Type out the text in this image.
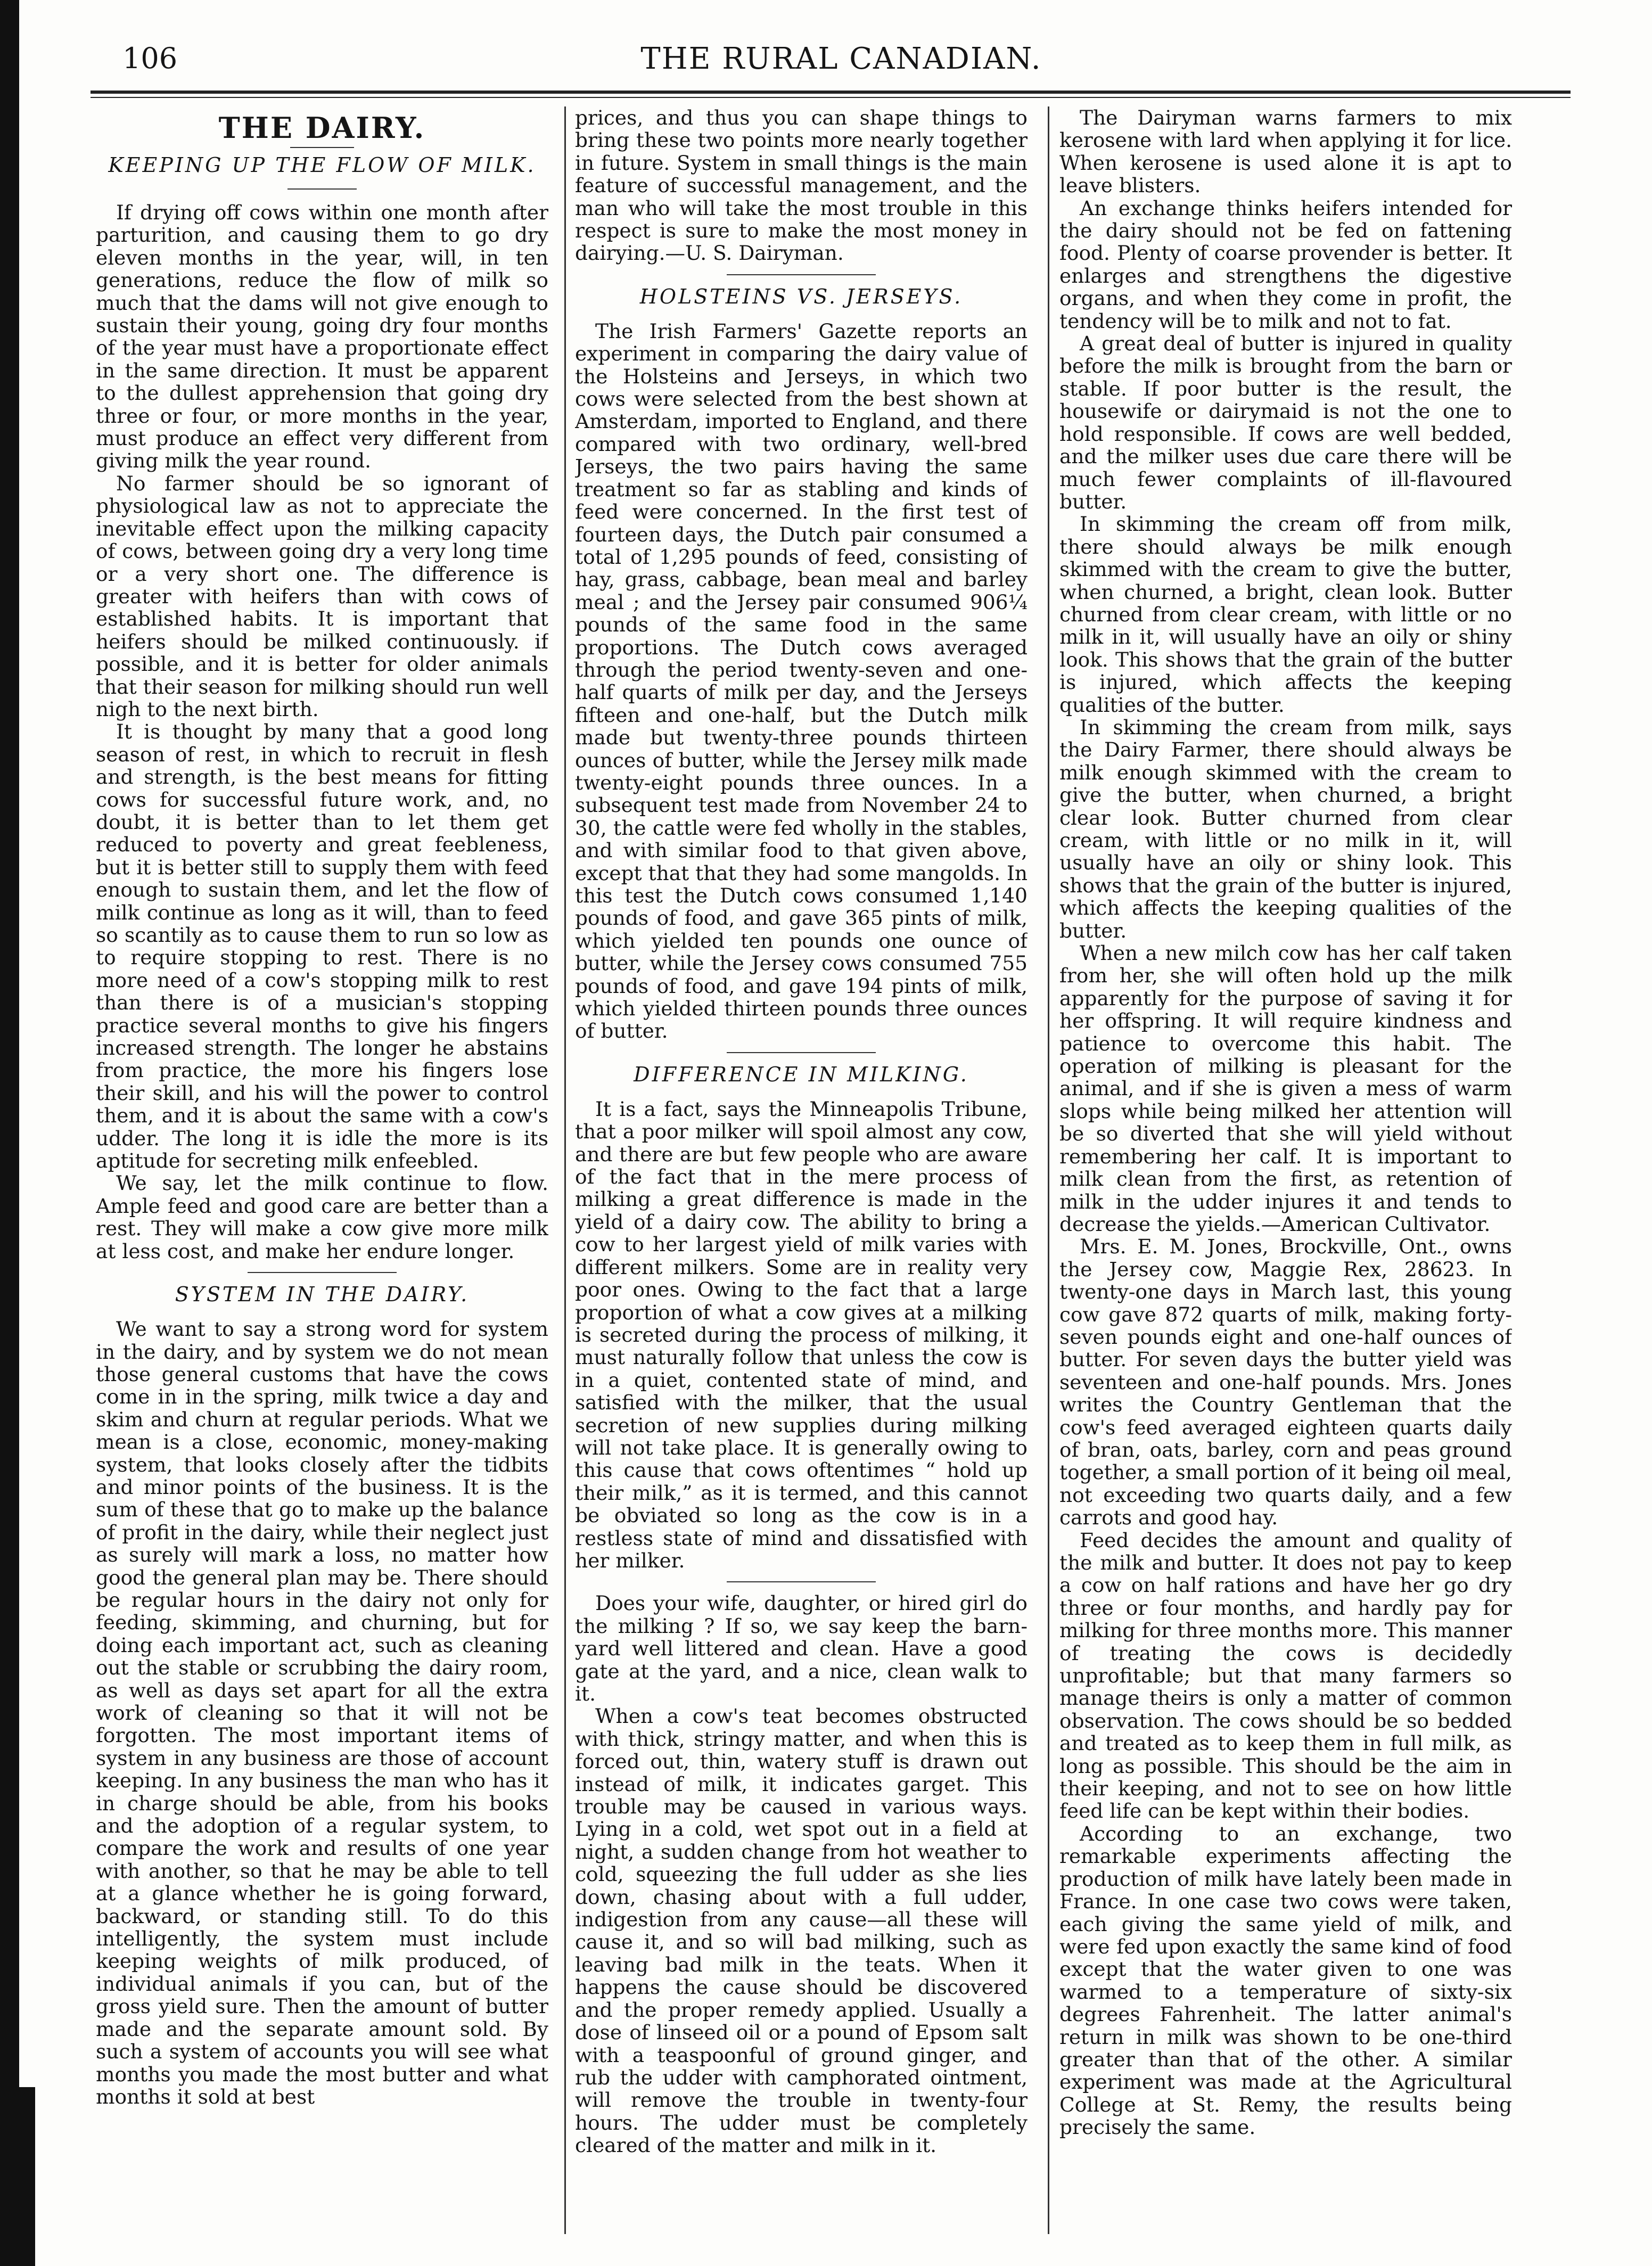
106	THE RURAL CANADIAN.
THE DAIRY.
KEEPING UP THE FLOW OF MILK.

If drying off cows within one month after parturition, and causing them to go dry eleven months in the year, will, in ten generations, reduce the flow of milk so much that the dams will not give enough to sustain their young, going dry four months of the year must have a proportionate effect in the same direction. It must be apparent to the dullest apprehension that going dry three or four, or more months in the year, must produce an effect very different from giving milk the year round.

No farmer should be so ignorant of physiological law as not to appreciate the inevitable effect upon the milking capacity of cows, between going dry a very long time or a very short one. The difference is greater with heifers than with cows of established habits. It is important that heifers should be milked continuously. if possible, and it is better for older animals that their season for milking should run well nigh to the next birth.

It is thought by many that a good long season of rest, in which to recruit in flesh and strength, is the best means for fitting cows for successful future work, and, no doubt, it is better than to let them get reduced to poverty and great feebleness, but it is better still to supply them with feed enough to sustain them, and let the flow of milk continue as long as it will, than to feed so scantily as to cause them to run so low as to require stopping to rest. There is no more need of a cow's stopping milk to rest than there is of a musician's stopping practice several months to give his fingers increased strength. The longer he abstains from practice, the more his fingers lose their skill, and his will the power to control them, and it is about the same with a cow's udder. The long it is idle the more is its aptitude for secreting milk enfeebled.

We say, let the milk continue to flow. Ample feed and good care are better than a rest. They will make a cow give more milk at less cost, and make her endure longer.

SYSTEM IN THE DAIRY.

We want to say a strong word for system in the dairy, and by system we do not mean those general customs that have the cows come in in the spring, milk twice a day and skim and churn at regular periods. What we mean is a close, economic, money-making system, that looks closely after the tidbits and minor points of the business. It is the sum of these that go to make up the balance of profit in the dairy, while their neglect just as surely will mark a loss, no matter how good the general plan may be. There should be regular hours in the dairy not only for feeding, skimming, and churning, but for doing each important act, such as cleaning out the stable or scrubbing the dairy room, as well as days set apart for all the extra work of cleaning so that it will not be forgotten. The most important items of system in any business are those of account keeping. In any business the man who has it in charge should be able, from his books and the adoption of a regular system, to compare the work and results of one year with another, so that he may be able to tell at a glance whether he is going forward, backward, or standing still. To do this intelligently, the system must include keeping weights of milk produced, of individual animals if you can, but of the gross yield sure. Then the amount of butter made and the separate amount sold. By such a system of accounts you will see what months you made the most butter and what months it sold at best

prices, and thus you can shape things to bring these two points more nearly together in future. System in small things is the main feature of successful management, and the man who will take the most trouble in this respect is sure to make the most money in dairying.—U. S. Dairyman.

HOLSTEINS VS. JERSEYS.

The Irish Farmers' Gazette reports an experiment in comparing the dairy value of the Holsteins and Jerseys, in which two cows were selected from the best shown at Amsterdam, imported to England, and there compared with two ordinary, well-bred Jerseys, the two pairs having the same treatment so far as stabling and kinds of feed were concerned. In the first test of fourteen days, the Dutch pair consumed a total of 1,295 pounds of feed, consisting of hay, grass, cabbage, bean meal and barley meal ; and the Jersey pair consumed 906¼ pounds of the same food in the same proportions. The Dutch cows averaged through the period twenty-seven and one-half quarts of milk per day, and the Jerseys fifteen and one-half, but the Dutch milk made but twenty-three pounds thirteen ounces of butter, while the Jersey milk made twenty-eight pounds three ounces. In a subsequent test made from November 24 to 30, the cattle were fed wholly in the stables, and with similar food to that given above, except that that they had some mangolds. In this test the Dutch cows consumed 1,140 pounds of food, and gave 365 pints of milk, which yielded ten pounds one ounce of butter, while the Jersey cows consumed 755 pounds of food, and gave 194 pints of milk, which yielded thirteen pounds three ounces of butter.

DIFFERENCE IN MILKING.

It is a fact, says the Minneapolis Tribune, that a poor milker will spoil almost any cow, and there are but few people who are aware of the fact that in the mere process of milking a great difference is made in the yield of a dairy cow. The ability to bring a cow to her largest yield of milk varies with different milkers. Some are in reality very poor ones. Owing to the fact that a large proportion of what a cow gives at a milking is secreted during the process of milking, it must naturally follow that unless the cow is in a quiet, contented state of mind, and satisfied with the milker, that the usual secretion of new supplies during milking will not take place. It is generally owing to this cause that cows oftentimes “ hold up their milk,” as it is termed, and this cannot be obviated so long as the cow is in a restless state of mind and dissatisfied with her milker.

Does your wife, daughter, or hired girl do the milking ? If so, we say keep the barn-yard well littered and clean. Have a good gate at the yard, and a nice, clean walk to it.

When a cow's teat becomes obstructed with thick, stringy matter, and when this is forced out, thin, watery stuff is drawn out instead of milk, it indicates garget. This trouble may be caused in various ways. Lying in a cold, wet spot out in a field at night, a sudden change from hot weather to cold, squeezing the full udder as she lies down, chasing about with a full udder, indigestion from any cause—all these will cause it, and so will bad milking, such as leaving bad milk in the teats. When it happens the cause should be discovered and the proper remedy applied. Usually a dose of linseed oil or a pound of Epsom salt with a teaspoonful of ground ginger, and rub the udder with camphorated ointment, will remove the trouble in twenty-four hours. The udder must be completely cleared of the matter and milk in it.

The Dairyman warns farmers to mix kerosene with lard when applying it for lice. When kerosene is used alone it is apt to leave blisters.

An exchange thinks heifers intended for the dairy should not be fed on fattening food. Plenty of coarse provender is better. It enlarges and strengthens the digestive organs, and when they come in profit, the tendency will be to milk and not to fat.

A great deal of butter is injured in quality before the milk is brought from the barn or stable. If poor butter is the result, the housewife or dairymaid is not the one to hold responsible. If cows are well bedded, and the milker uses due care there will be much fewer complaints of ill-flavoured butter.

In skimming the cream off from milk, there should always be milk enough skimmed with the cream to give the butter, when churned, a bright, clean look. Butter churned from clear cream, with little or no milk in it, will usually have an oily or shiny look. This shows that the grain of the butter is injured, which affects the keeping qualities of the butter.

In skimming the cream from milk, says the Dairy Farmer, there should always be milk enough skimmed with the cream to give the butter, when churned, a bright clear look. Butter churned from clear cream, with little or no milk in it, will usually have an oily or shiny look. This shows that the grain of the butter is injured, which affects the keeping qualities of the butter.

When a new milch cow has her calf taken from her, she will often hold up the milk apparently for the purpose of saving it for her offspring. It will require kindness and patience to overcome this habit. The operation of milking is pleasant for the animal, and if she is given a mess of warm slops while being milked her attention will be so diverted that she will yield without remembering her calf. It is important to milk clean from the first, as retention of milk in the udder injures it and tends to decrease the yields.—American Cultivator.

Mrs. E. M. Jones, Brockville, Ont., owns the Jersey cow, Maggie Rex, 28623. In twenty-one days in March last, this young cow gave 872 quarts of milk, making forty-seven pounds eight and one-half ounces of butter. For seven days the butter yield was seventeen and one-half pounds. Mrs. Jones writes the Country Gentleman that the cow's feed averaged eighteen quarts daily of bran, oats, barley, corn and peas ground together, a small portion of it being oil meal, not exceeding two quarts daily, and a few carrots and good hay.

Feed decides the amount and quality of the milk and butter. It does not pay to keep a cow on half rations and have her go dry three or four months, and hardly pay for milking for three months more. This manner of treating the cows is decidedly unprofitable; but that many farmers so manage theirs is only a matter of common observation. The cows should be so bedded and treated as to keep them in full milk, as long as possible. This should be the aim in their keeping, and not to see on how little feed life can be kept within their bodies.

According to an exchange, two remarkable experiments affecting the production of milk have lately been made in France. In one case two cows were taken, each giving the same yield of milk, and were fed upon exactly the same kind of food except that the water given to one was warmed to a temperature of sixty-six degrees Fahrenheit. The latter animal's return in milk was shown to be one-third greater than that of the other. A similar experiment was made at the Agricultural College at St. Remy, the results being precisely the same.
